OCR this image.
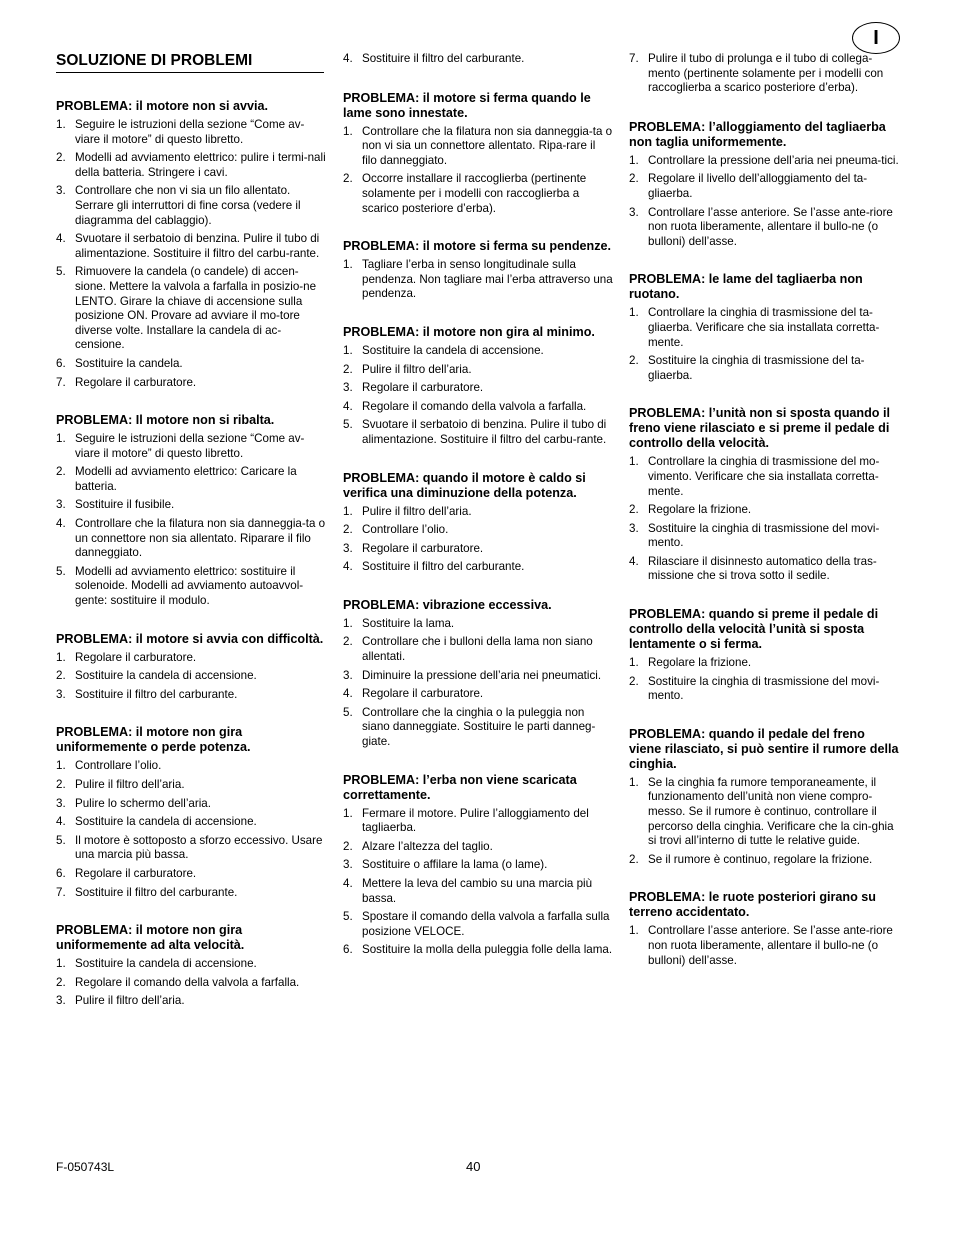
I
SOLUZIONE DI PROBLEMI
PROBLEMA: il motore non si avvia.
1. Seguire le istruzioni della sezione “Come av-viare il motore” di questo libretto.
2. Modelli ad avviamento elettrico: pulire i termi-nali della batteria. Stringere i cavi.
3. Controllare che non vi sia un filo allentato. Serrare gli interruttori di fine corsa (vedere il diagramma del cablaggio).
4. Svuotare il serbatoio di benzina. Pulire il tubo di alimentazione. Sostituire il filtro del carbu-rante.
5. Rimuovere la candela (o candele) di accen-sione. Mettere la valvola a farfalla in posizio-ne LENTO. Girare la chiave di accensione sulla posizione ON. Provare ad avviare il mo-tore diverse volte. Installare la candela di ac-censione.
6. Sostituire la candela.
7. Regolare il carburatore.
PROBLEMA: Il motore non si ribalta.
1. Seguire le istruzioni della sezione “Come av-viare il motore” di questo libretto.
2. Modelli ad avviamento elettrico: Caricare la batteria.
3. Sostituire il fusibile.
4. Controllare che la filatura non sia danneggia-ta o un connettore non sia allentato. Riparare il filo danneggiato.
5. Modelli ad avviamento elettrico: sostituire il solenoide. Modelli ad avviamento autoavvol-gente: sostituire il modulo.
PROBLEMA: il motore si avvia con difficoltà.
1. Regolare il carburatore.
2. Sostituire la candela di accensione.
3. Sostituire il filtro del carburante.
PROBLEMA: il motore non gira uniformemente o perde potenza.
1. Controllare l’olio.
2. Pulire il filtro dell’aria.
3. Pulire lo schermo dell’aria.
4. Sostituire la candela di accensione.
5. Il motore è sottoposto a sforzo eccessivo. Usare una marcia più bassa.
6. Regolare il carburatore.
7. Sostituire il filtro del carburante.
PROBLEMA: il motore non gira uniformemente ad alta velocità.
1. Sostituire la candela di accensione.
2. Regolare il comando della valvola a farfalla.
3. Pulire il filtro dell’aria.
4. Sostituire il filtro del carburante.
PROBLEMA: il motore si ferma quando le lame sono innestate.
1. Controllare che la filatura non sia danneggia-ta o non vi sia un connettore allentato. Ripa-rare il filo danneggiato.
2. Occorre installare il raccoglierba (pertinente solamente per i modelli con raccoglierba a scarico posteriore d’erba).
PROBLEMA: il motore si ferma su pendenze.
1. Tagliare l’erba in senso longitudinale sulla pendenza. Non tagliare mai l’erba attraverso una pendenza.
PROBLEMA: il motore non gira al minimo.
1. Sostituire la candela di accensione.
2. Pulire il filtro dell’aria.
3. Regolare il carburatore.
4. Regolare il comando della valvola a farfalla.
5. Svuotare il serbatoio di benzina. Pulire il tubo di alimentazione. Sostituire il filtro del carbu-rante.
PROBLEMA: quando il motore è caldo si verifica una diminuzione della potenza.
1. Pulire il filtro dell’aria.
2. Controllare l’olio.
3. Regolare il carburatore.
4. Sostituire il filtro del carburante.
PROBLEMA: vibrazione eccessiva.
1. Sostituire la lama.
2. Controllare che i bulloni della lama non siano allentati.
3. Diminuire la pressione dell’aria nei pneumatici.
4. Regolare il carburatore.
5. Controllare che la cinghia o la puleggia non siano danneggiate. Sostituire le parti danneg-giate.
PROBLEMA: l’erba non viene scaricata correttamente.
1. Fermare il motore. Pulire l’alloggiamento del tagliaerba.
2. Alzare l’altezza del taglio.
3. Sostituire o affilare la lama (o lame).
4. Mettere la leva del cambio su una marcia più bassa.
5. Spostare il comando della valvola a farfalla sulla posizione VELOCE.
6. Sostituire la molla della puleggia folle della lama.
7. Pulire il tubo di prolunga e il tubo di collega-mento (pertinente solamente per i modelli con raccoglierba a scarico posteriore d’erba).
PROBLEMA: l’alloggiamento del tagliaerba non taglia uniformemente.
1. Controllare la pressione dell’aria nei pneuma-tici.
2. Regolare il livello dell’alloggiamento del ta-gliaerba.
3. Controllare l’asse anteriore. Se l’asse ante-riore non ruota liberamente, allentare il bullo-ne (o bulloni) dell’asse.
PROBLEMA: le lame del tagliaerba non ruotano.
1. Controllare la cinghia di trasmissione del ta-gliaerba. Verificare che sia installata corretta-mente.
2. Sostituire la cinghia di trasmissione del ta-gliaerba.
PROBLEMA: l’unità non si sposta quando il freno viene rilasciato e si preme il pedale di controllo della velocità.
1. Controllare la cinghia di trasmissione del mo-vimento. Verificare che sia installata corretta-mente.
2. Regolare la frizione.
3. Sostituire la cinghia di trasmissione del movi-mento.
4. Rilasciare il disinnesto automatico della tras-missione che si trova sotto il sedile.
PROBLEMA: quando si preme il pedale di controllo della velocità l’unità si sposta lentamente o si ferma.
1. Regolare la frizione.
2. Sostituire la cinghia di trasmissione del movi-mento.
PROBLEMA: quando il pedale del freno viene rilasciato, si può sentire il rumore della cinghia.
1. Se la cinghia fa rumore temporaneamente, il funzionamento dell’unità non viene compro-messo. Se il rumore è continuo, controllare il percorso della cinghia. Verificare che la cin-ghia si trovi all’interno di tutte le relative guide.
2. Se il rumore è continuo, regolare la frizione.
PROBLEMA: le ruote posteriori girano su terreno accidentato.
1. Controllare l’asse anteriore. Se l’asse ante-riore non ruota liberamente, allentare il bullo-ne (o bulloni) dell’asse.
F-050743L	40
